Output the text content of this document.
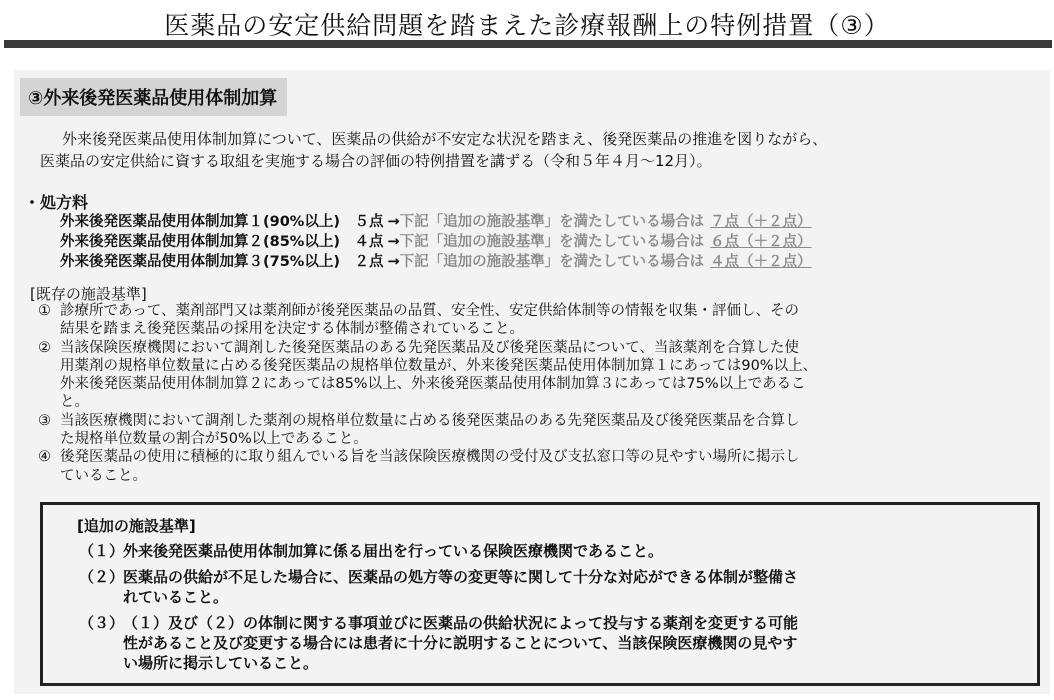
医薬品の安定供給問題を踏まえた診療報酬上の特例措置（③）
③外来後発医薬品使用体制加算

外来後発医薬品使用体制加算について、医薬品の供給が不安定な状況を踏まえ、後発医薬品の推進を図りながら、

医薬品の安定供給に資する取組を実施する場合の評価の特例措置を講ずる（令和５年４月〜12月）。

・処方料
外来後発医薬品使用体制加算１(90%以上)　５点 → 下記「追加の施設基準」を満たしている場合は ７点（＋２点）
外来後発医薬品使用体制加算２(85%以上)　４点 → 下記「追加の施設基準」を満たしている場合は ６点（＋２点）
外来後発医薬品使用体制加算３(75%以上)　２点 → 下記「追加の施設基準」を満たしている場合は ４点（＋２点）
[既存の施設基準]
① 診療所であって、薬剤部門又は薬剤師が後発医薬品の品質、安全性、安定供給体制等の情報を収集・評価し、その
結果を踏まえ後発医薬品の採用を決定する体制が整備されていること。
② 当該保険医療機関において調剤した後発医薬品のある先発医薬品及び後発医薬品について、当該薬剤を合算した使
用薬剤の規格単位数量に占める後発医薬品の規格単位数量が、外来後発医薬品使用体制加算１にあっては90%以上、
外来後発医薬品使用体制加算２にあっては85%以上、外来後発医薬品使用体制加算３にあっては75%以上であるこ
と。
③ 当該医療機関において調剤した薬剤の規格単位数量に占める後発医薬品のある先発医薬品及び後発医薬品を合算し
た規格単位数量の割合が50%以上であること。
④ 後発医薬品の使用に積極的に取り組んでいる旨を当該保険医療機関の受付及び支払窓口等の見やすい場所に掲示し
ていること。
[追加の施設基準]
（１）
外来後発医薬品使用体制加算に係る届出を行っている保険医療機関であること。
（２）
医薬品の供給が不足した場合に、医薬品の処方等の変更等に関して十分な対応ができる体制が整備さ
れていること。
（３）
（１）及び（２）の体制に関する事項並びに医薬品の供給状況によって投与する薬剤を変更する可能
性があること及び変更する場合には患者に十分に説明することについて、当該保険医療機関の見やす
い場所に掲示していること。
